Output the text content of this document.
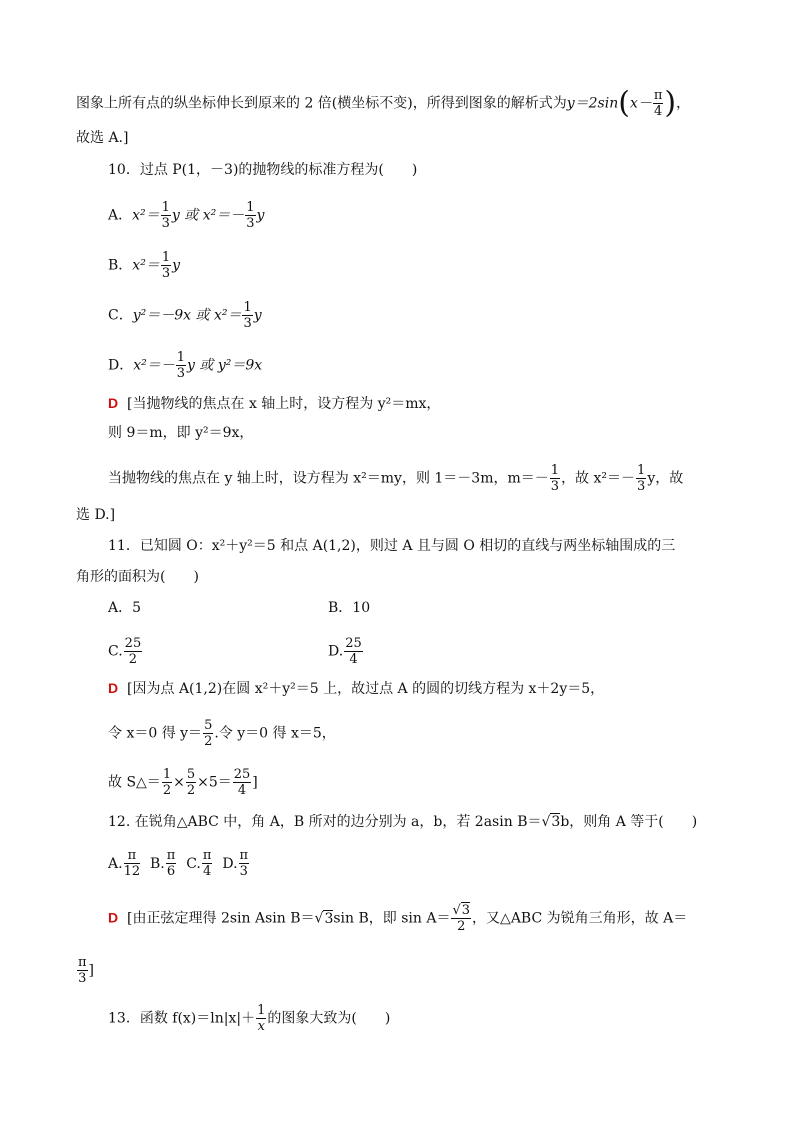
图象上所有点的纵坐标伸长到原来的 2 倍(横坐标不变)，所得到图象的解析式为$y=2\sin(x- \frac{\pi}{4}$ )，
故选 A.]
10．过点 P(1，－3)的抛物线的标准方程为(　　)
A．$x^2= \frac{1}{3}$ y 或 $x^2=- \frac{1}{3}$ y
B．$x^2= \frac{1}{3}$ y
C．y²＝－9x 或 $x^2= \frac{1}{3}$ y
D．$x^2=- \frac{1}{3}$ y 或 y²＝9x
D [当抛物线的焦点在 x 轴上时，设方程为 y²＝mx，
则 9＝m，即 y²＝9x，
当抛物线的焦点在 y 轴上时，设方程为 x²＝my，则 1＝－3m，$m=- \frac{1}{3}$ ，故 $x^2=- \frac{1}{3}$ y，故
选 D.]
11．已知圆 O：x²＋y²＝5 和点 A(1,2)，则过 A 且与圆 O 相切的直线与两坐标轴围成的三
角形的面积为(　　)
A．5	B．10
C. $\frac{25}{2}$	D. $\frac{25}{4}$
D [因为点 A(1,2)在圆 x²＋y²＝5 上，故过点 A 的圆的切线方程为 x＋2y＝5，
令 x＝0 得 $y= \frac{5}{2}$ .令 y＝0 得 x＝5，
故 S△＝ $\frac{1}{2} \times \frac{5}{2} \times 5= \frac{25}{4}$ ]
12. 在锐角△ABC 中，角 A，B 所对的边分别为 a，b，若 2asin B＝√3b，则角 A 等于(　　)
A. $\frac{\pi}{12} B$. $\frac{\pi}{6} C$. $\frac{\pi}{4} D$. $\frac{\pi}{3}$
D [由正弦定理得 2sin Asin B＝√3sin B，即 $\sin A= \frac{√3}{2}$ ，又△ABC 为锐角三角形，故 A＝
$\frac{\pi}{3}$ ]
13．函数 $f(x)=\ln|x|+ \frac{1}{x}$ 的图象大致为(　　)
